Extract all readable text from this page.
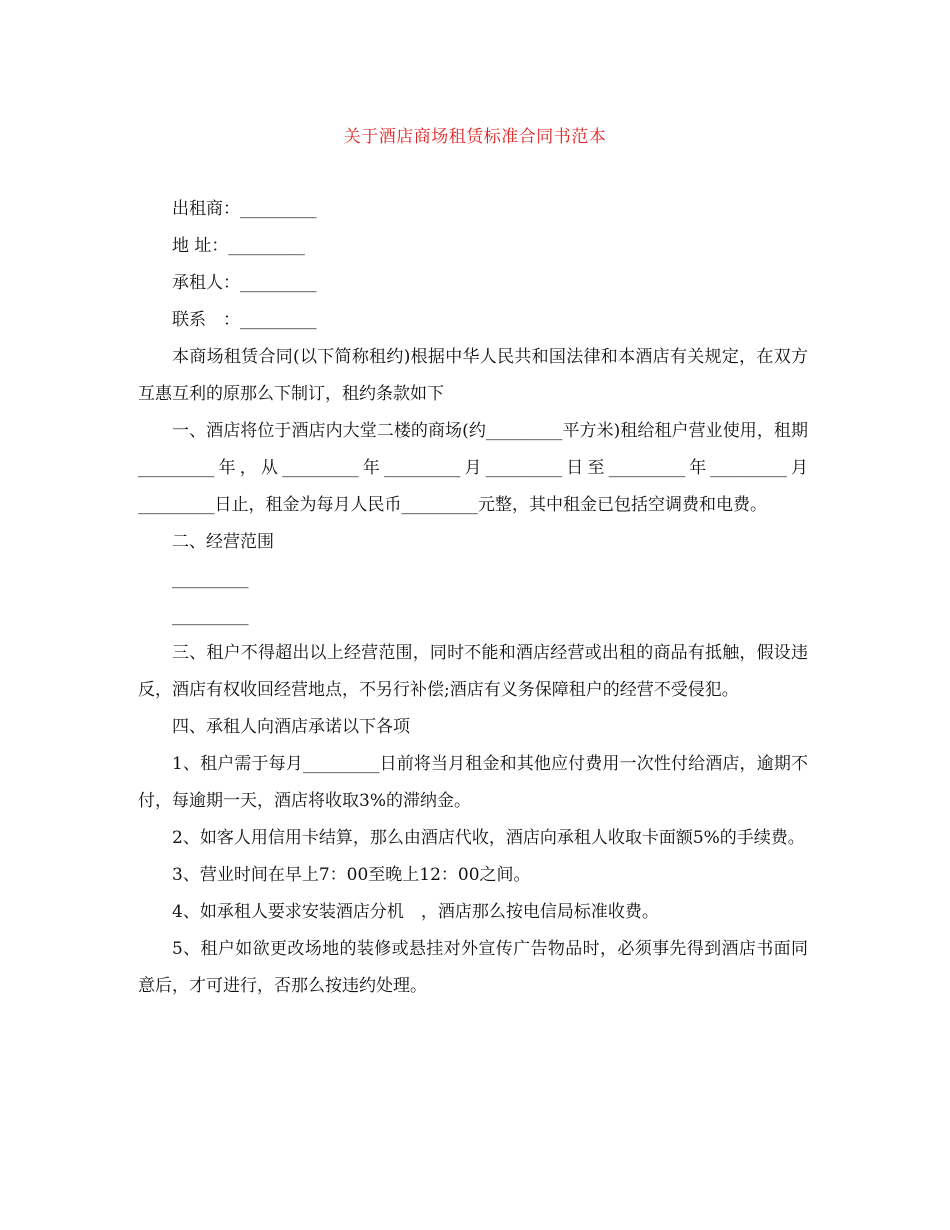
关于酒店商场租赁标准合同书范本

出租商：_________

地 址：_________

承租人：_________

联系　：_________

本商场租赁合同(以下简称租约)根据中华人民共和国法律和本酒店有关规定，在双方互惠互利的原那么下制订，租约条款如下

一、酒店将位于酒店内大堂二楼的商场(约_________平方米)租给租户营业使用，租期_________年，从_________年_________月_________日至_________年_________月_________日止，租金为每月人民币_________元整，其中租金已包括空调费和电费。

二、经营范围

_________

_________

三、租户不得超出以上经营范围，同时不能和酒店经营或出租的商品有抵触，假设违反，酒店有权收回经营地点，不另行补偿;酒店有义务保障租户的经营不受侵犯。

四、承租人向酒店承诺以下各项

1、租户需于每月_________日前将当月租金和其他应付费用一次性付给酒店，逾期不付，每逾期一天，酒店将收取3%的滞纳金。

2、如客人用信用卡结算，那么由酒店代收，酒店向承租人收取卡面额5%的手续费。

3、营业时间在早上7：00至晚上12：00之间。

4、如承租人要求安装酒店分机　，酒店那么按电信局标准收费。

5、租户如欲更改场地的装修或悬挂对外宣传广告物品时，必须事先得到酒店书面同意后，才可进行，否那么按违约处理。
